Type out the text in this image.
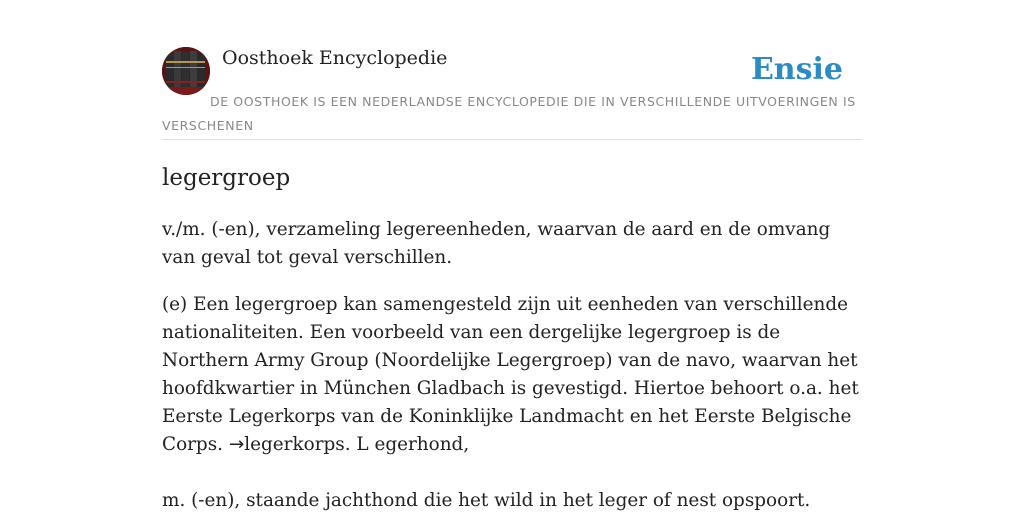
Oosthoek Encyclopedie	Ensie
DE OOSTHOEK IS EEN NEDERLANDSE ENCYCLOPEDIE DIE IN VERSCHILLENDE UITVOERINGEN IS VERSCHENEN
legergroep

v./m. (-en), verzameling legereenheden, waarvan de aard en de omvang van geval tot geval verschillen.

(e) Een legergroep kan samengesteld zijn uit eenheden van verschillende nationaliteiten. Een voorbeeld van een dergelijke legergroep is de Northern Army Group (Noordelijke Legergroep) van de navo, waarvan het hoofdkwartier in München Gladbach is gevestigd. Hiertoe behoort o.a. het Eerste Legerkorps van de Koninklijke Landmacht en het Eerste Belgische Corps. →legerkorps. L egerhond,

m. (-en), staande jachthond die het wild in het leger of nest opspoort.
